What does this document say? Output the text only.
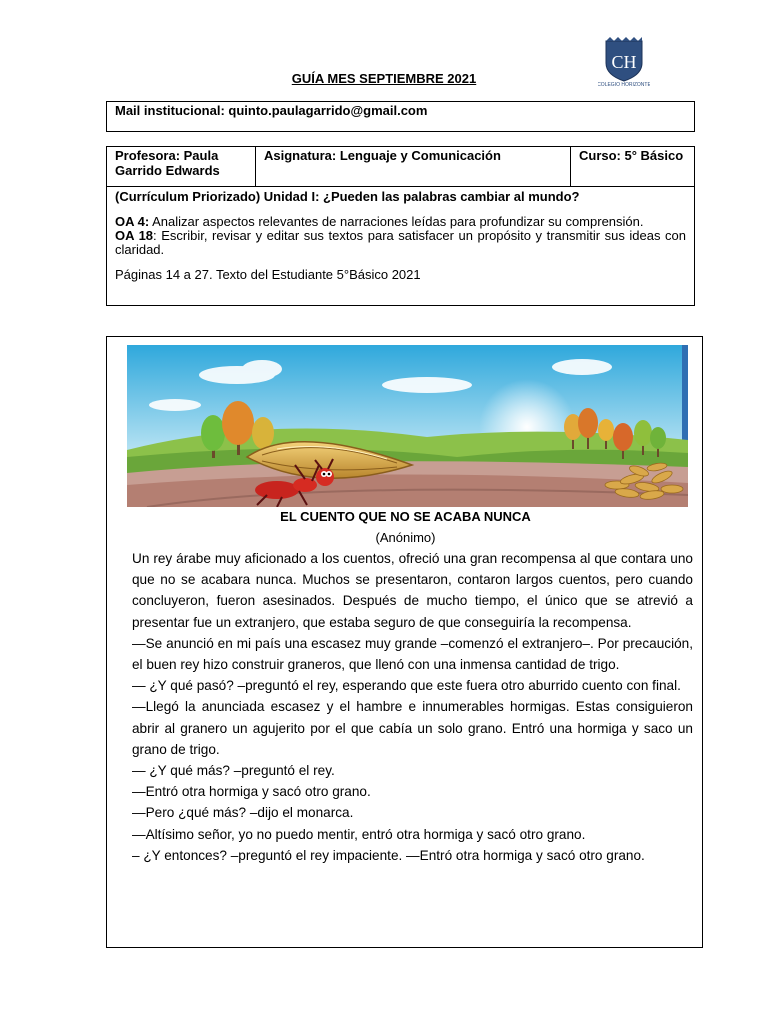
GUÍA MES SEPTIEMBRE 2021
CH
COLEGIO HORIZONTE
Mail institucional: quinto.paulagarrido@gmail.com
Profesora: Paula Garrido Edwards
Asignatura: Lenguaje y Comunicación	Curso: 5° Básico

(Currículum Priorizado) Unidad I: ¿Pueden las palabras cambiar al mundo?

OA 4: Analizar aspectos relevantes de narraciones leídas para profundizar su comprensión.

OA 18: Escribir, revisar y editar sus textos para satisfacer un propósito y transmitir sus ideas con claridad.

Páginas 14 a 27. Texto del Estudiante 5°Básico 2021

EL CUENTO QUE NO SE ACABA NUNCA
(Anónimo)

Un rey árabe muy aficionado a los cuentos, ofreció una gran recompensa al que contara uno que no se acabara nunca. Muchos se presentaron, contaron largos cuentos, pero cuando concluyeron, fueron asesinados. Después de mucho tiempo, el único que se atrevió a presentar fue un extranjero, que estaba seguro de que conseguiría la recompensa.

—Se anunció en mi país una escasez muy grande –comenzó el extranjero–. Por precaución, el buen rey hizo construir graneros, que llenó con una inmensa cantidad de trigo.

— ¿Y qué pasó? –preguntó el rey, esperando que este fuera otro aburrido cuento con final.

—Llegó la anunciada escasez y el hambre e innumerables hormigas. Estas consiguieron abrir al granero un agujerito por el que cabía un solo grano. Entró una hormiga y saco un grano de trigo.

— ¿Y qué más? –preguntó el rey.

—Entró otra hormiga y sacó otro grano.

—Pero ¿qué más? –dijo el monarca.

—Altísimo señor, yo no puedo mentir, entró otra hormiga y sacó otro grano.

– ¿Y entonces? –preguntó el rey impaciente. —Entró otra hormiga y sacó otro grano.
